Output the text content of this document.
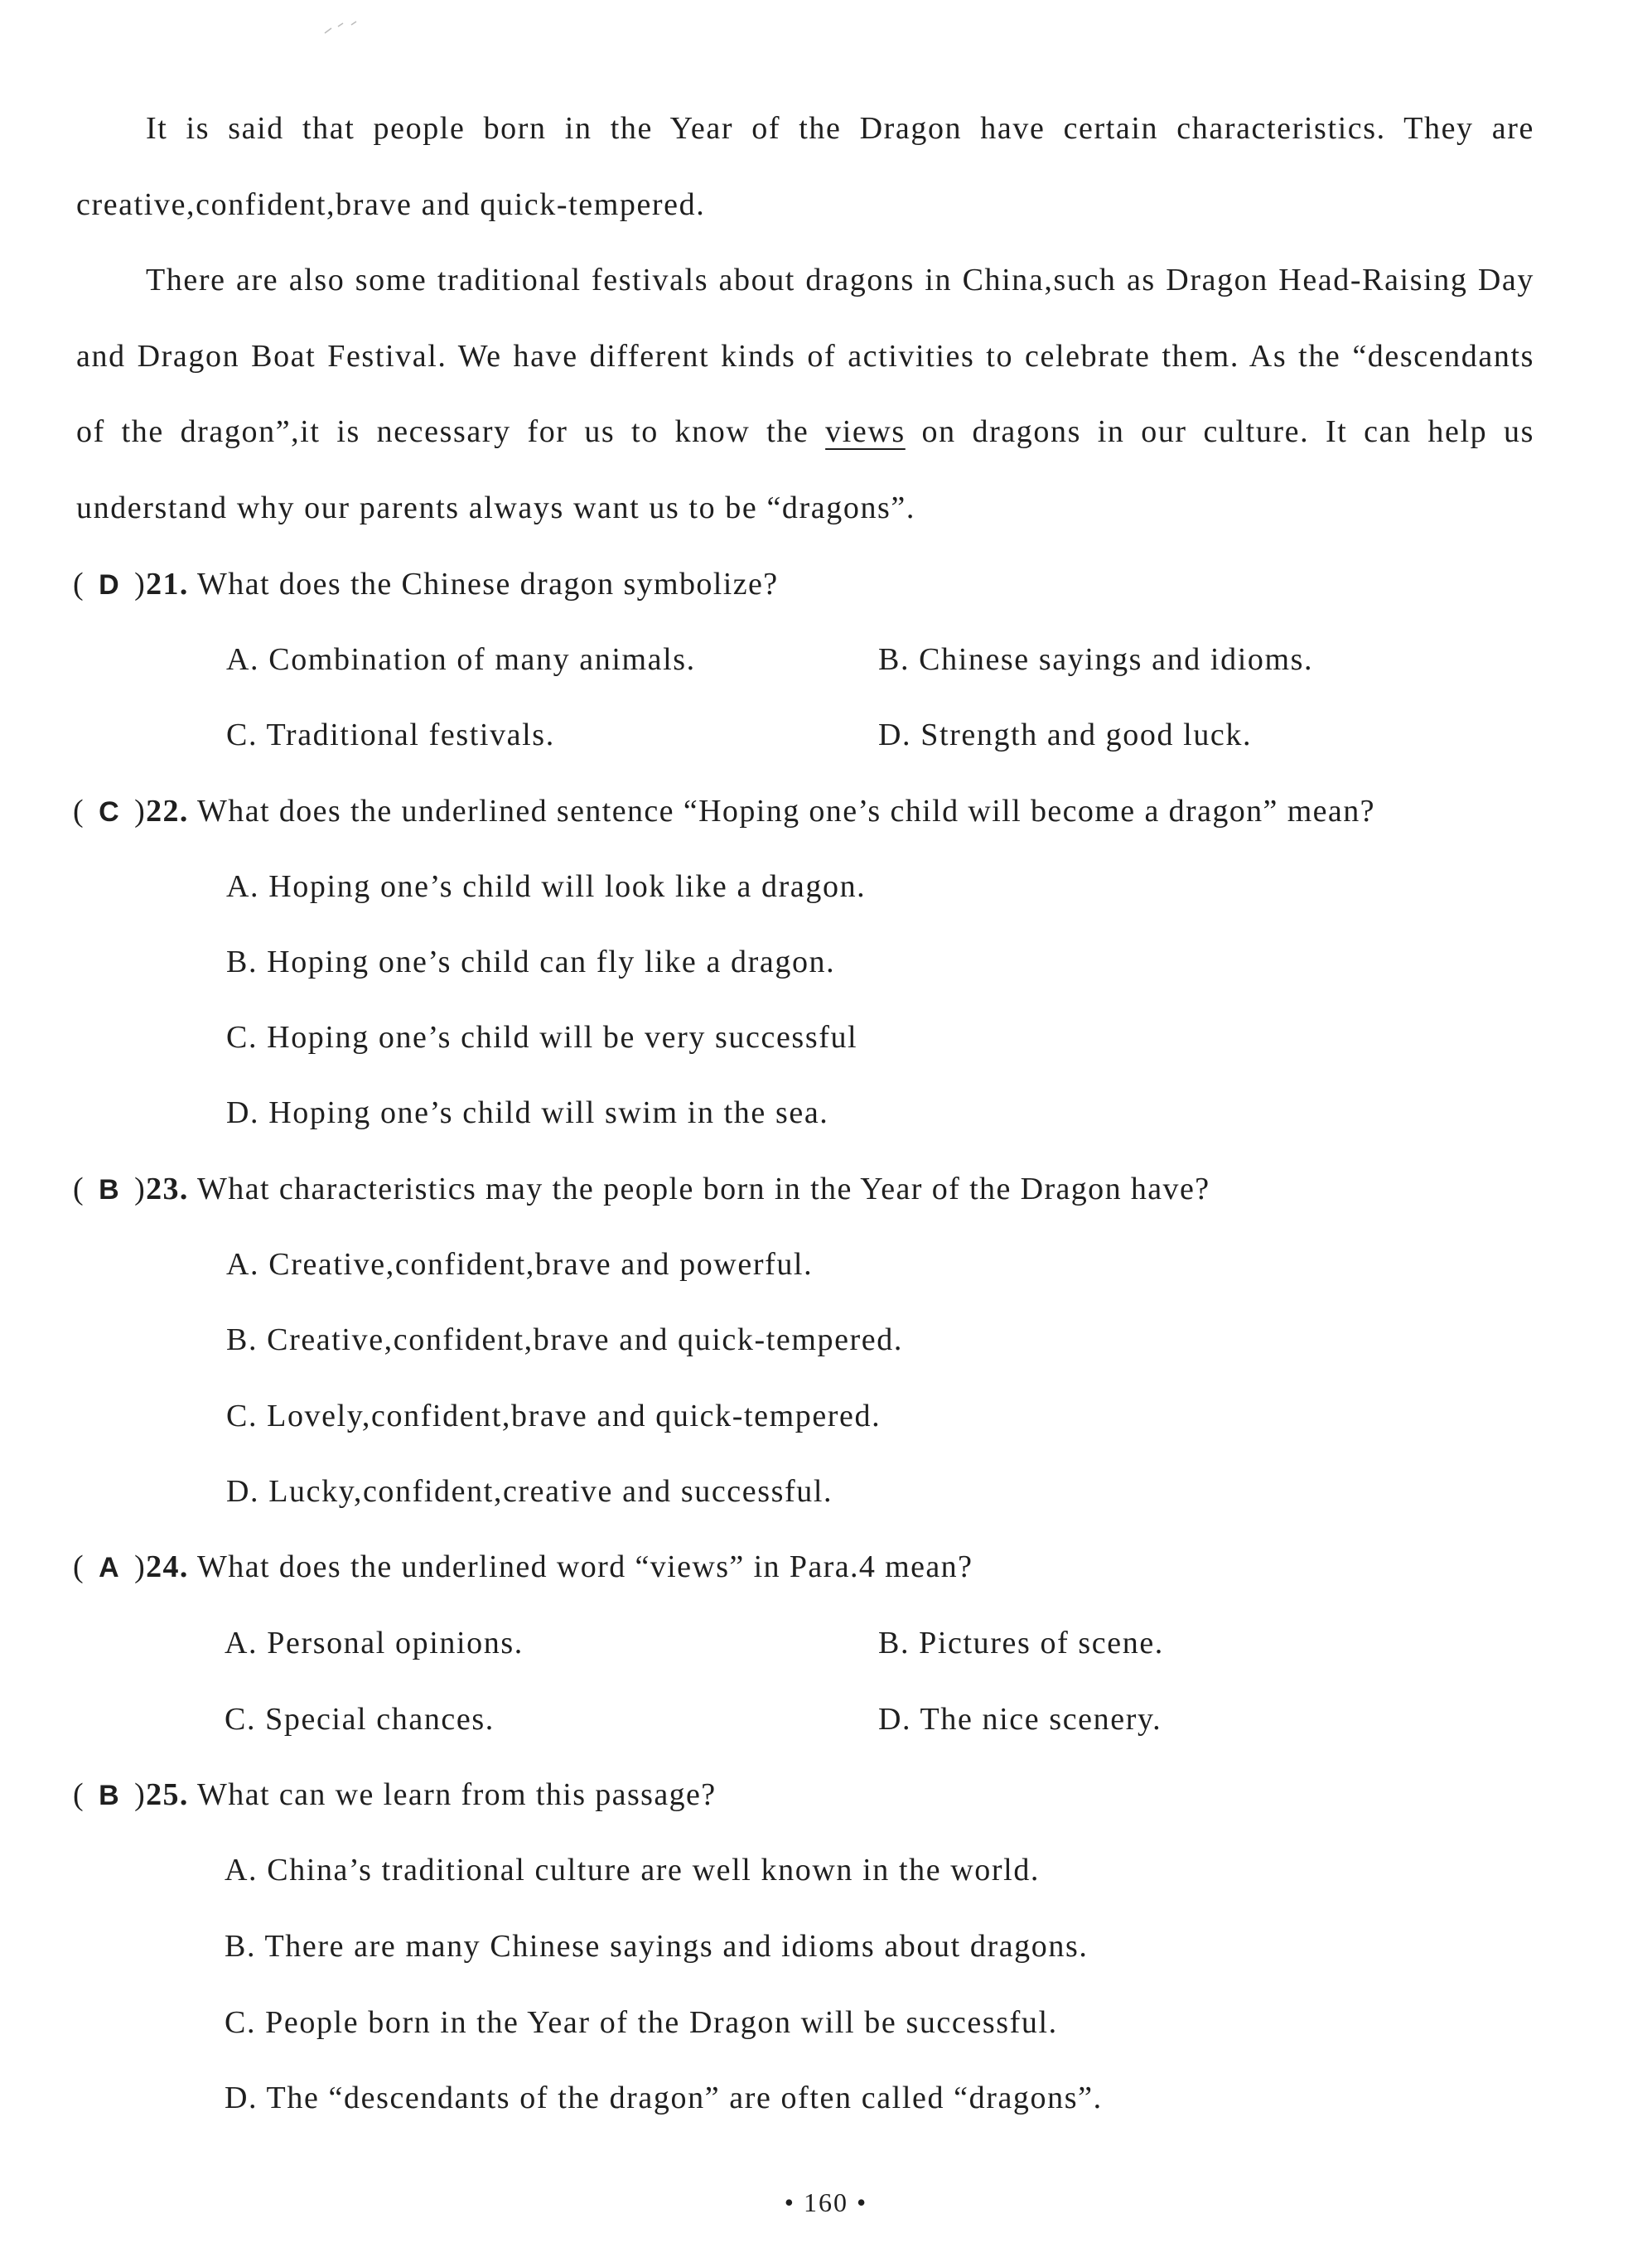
It is said that people born in the Year of the Dragon have certain characteristics. They are creative,confident,brave and quick-tempered.

There are also some traditional festivals about dragons in China,such as Dragon Head-Raising Day and Dragon Boat Festival. We have different kinds of activities to celebrate them. As the “descendants of the dragon”,it is necessary for us to know the views on dragons in our culture. It can help us understand why our parents always want us to be “dragons”.

( D )21. What does the Chinese dragon symbolize?
A. Combination of many animals.	B. Chinese sayings and idioms.
C. Traditional festivals.	D. Strength and good luck.
( C )22. What does the underlined sentence “Hoping one’s child will become a dragon” mean?
A. Hoping one’s child will look like a dragon.
B. Hoping one’s child can fly like a dragon.
C. Hoping one’s child will be very successful
D. Hoping one’s child will swim in the sea.
( B )23. What characteristics may the people born in the Year of the Dragon have?
A. Creative,confident,brave and powerful.
B. Creative,confident,brave and quick-tempered.
C. Lovely,confident,brave and quick-tempered.
D. Lucky,confident,creative and successful.
( A )24. What does the underlined word “views” in Para.4 mean?
A. Personal opinions.	B. Pictures of scene.
C. Special chances.	D. The nice scenery.
( B )25. What can we learn from this passage?
A. China’s traditional culture are well known in the world.
B. There are many Chinese sayings and idioms about dragons.
C. People born in the Year of the Dragon will be successful.
D. The “descendants of the dragon” are often called “dragons”.
• 160 •
